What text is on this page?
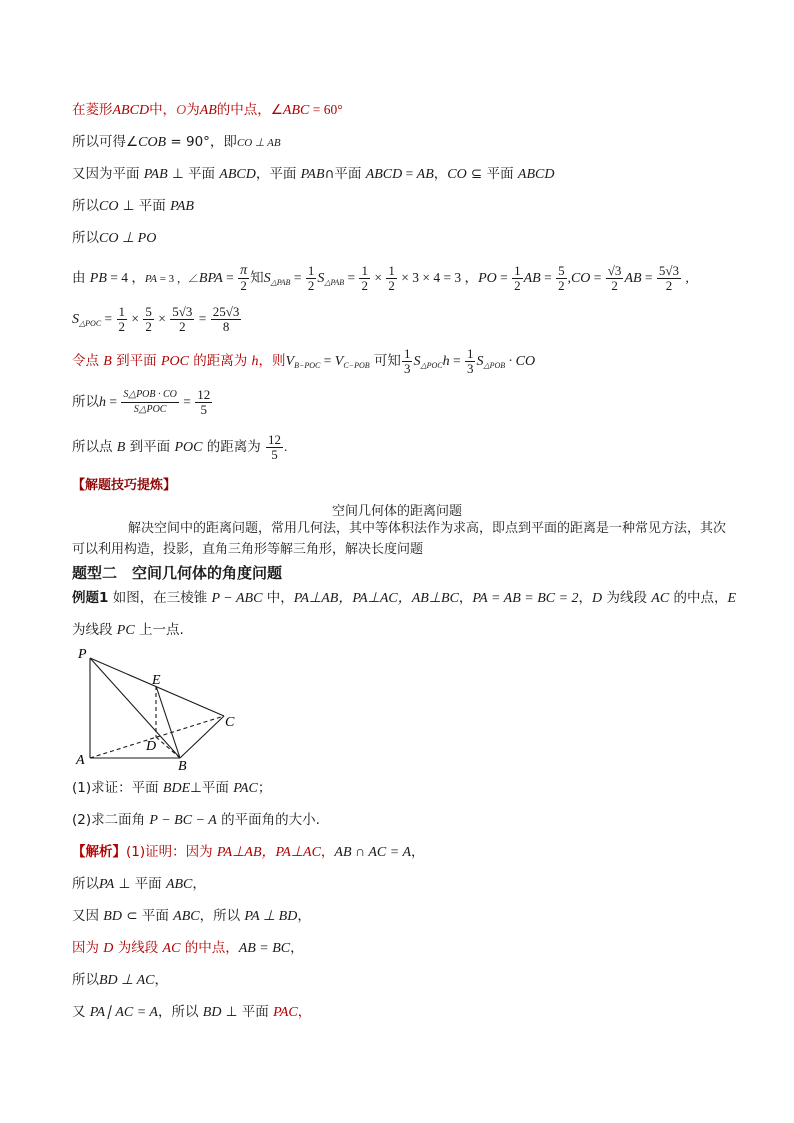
在菱形ABCD中，O为AB的中点，∠ABC = 60°
所以可得∠COB = 90°，即CO ⊥ AB
又因为平面 PAB ⊥ 平面 ABCD，平面 PAB∩平面 ABCD = AB，CO ⊆ 平面 ABCD
所以CO ⊥ 平面 PAB
所以CO ⊥ PO
由 PB = 4 ，PA = 3 ，∠BPA = $\frac{\pi}{2}$ 知$S_{\triangle PAB} = \frac{1}{2} S_{\triangle PAB} = \frac{1}{2} \times \frac{1}{2} \times 3 \times 4 = 3$ ，PO = $\frac{1}{2}$ AB = $\frac{5}{2} ,CO = \frac{√3}{2}$ AB = $\frac{5√3}{2}$ ,
$S_{\triangle POC} = \frac{1}{2} \times \frac{5}{2} \times \frac{5√3}{2} = \frac{25√3}{8}$
令点 B 到平面 POC 的距离为 h，则$V_{B-POC} = V_{C-POB}$ 可知 $\frac{1}{3} S_{\triangle POC}h = \frac{1}{3} S_{\triangle POB}$ · CO
所以$h = \frac{\text{S△POB · CO}}{\text{S△POC}} = \frac{12}{5}$
所以点 B 到平面 POC 的距离为 $\frac{12}{5}$ .
【解题技巧提炼】
空间几何体的距离问题
解决空间中的距离问题，常用几何法，其中等体积法作为求高，即点到平面的距离是一种常见方法，其次可以利用构造，投影，直角三角形等解三角形，解决长度问题
题型二　空间几何体的角度问题
例题1 如图，在三棱锥 P − ABC 中，PA⊥AB，PA⊥AC，AB⊥BC，PA = AB = BC = 2，D 为线段 AC 的中点，E
为线段 PC 上一点.
P
E
C
D
A	B
(1)求证：平面 BDE⊥平面 PAC；
(2)求二面角 P − BC − A 的平面角的大小.
【解析】(1)证明：因为 PA⊥AB，PA⊥AC，AB ∩ AC = A，
所以PA ⊥ 平面 ABC，
又因 BD ⊂ 平面 ABC，所以 PA ⊥ BD，
因为 D 为线段 AC 的中点，AB = BC，
所以BD ⊥ AC，
又 PA∣ AC = A，所以 BD ⊥ 平面 PAC，
